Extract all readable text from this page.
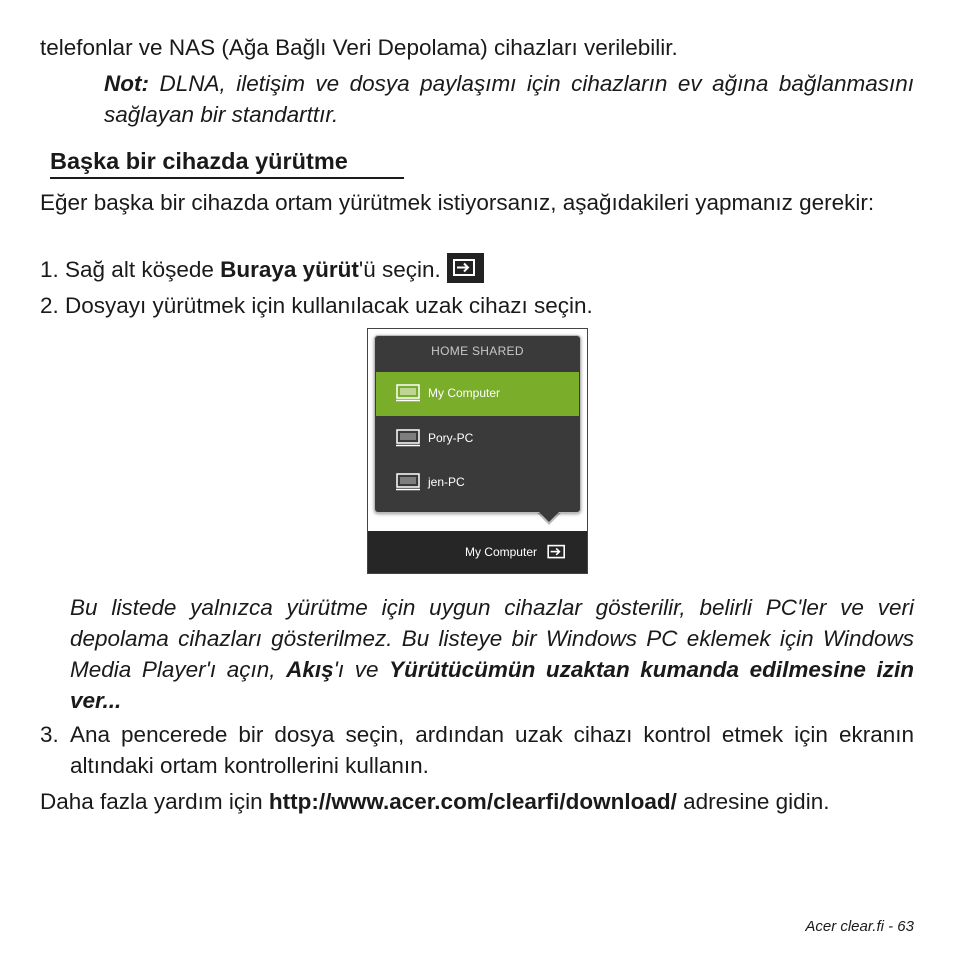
telefonlar ve NAS (Ağa Bağlı Veri Depolama) cihazları verilebilir.

Not: DLNA, iletişim ve dosya paylaşımı için cihazların ev ağına bağlanmasını sağlayan bir standarttır.

Başka bir cihazda yürütme

Eğer başka bir cihazda ortam yürütmek istiyorsanız, aşağıdakileri yapmanız gerekir:

1. Sağ alt köşede Buraya yürüt'ü seçin.

2. Dosyayı yürütmek için kullanılacak uzak cihazı seçin.

HOME SHARED
My Computer
Pory-PC
jen-PC
My Computer

Bu listede yalnızca yürütme için uygun cihazlar gösterilir, belirli PC'ler ve veri depolama cihazları gösterilmez. Bu listeye bir Windows PC eklemek için Windows Media Player'ı açın, Akış'ı ve Yürütücümün uzaktan kumanda edilmesine izin ver...

3. Ana pencerede bir dosya seçin, ardından uzak cihazı kontrol etmek için ekranın altındaki ortam kontrollerini kullanın.

Daha fazla yardım için http://www.acer.com/clearfi/download/ adresine gidin.

Acer clear.fi - 63
